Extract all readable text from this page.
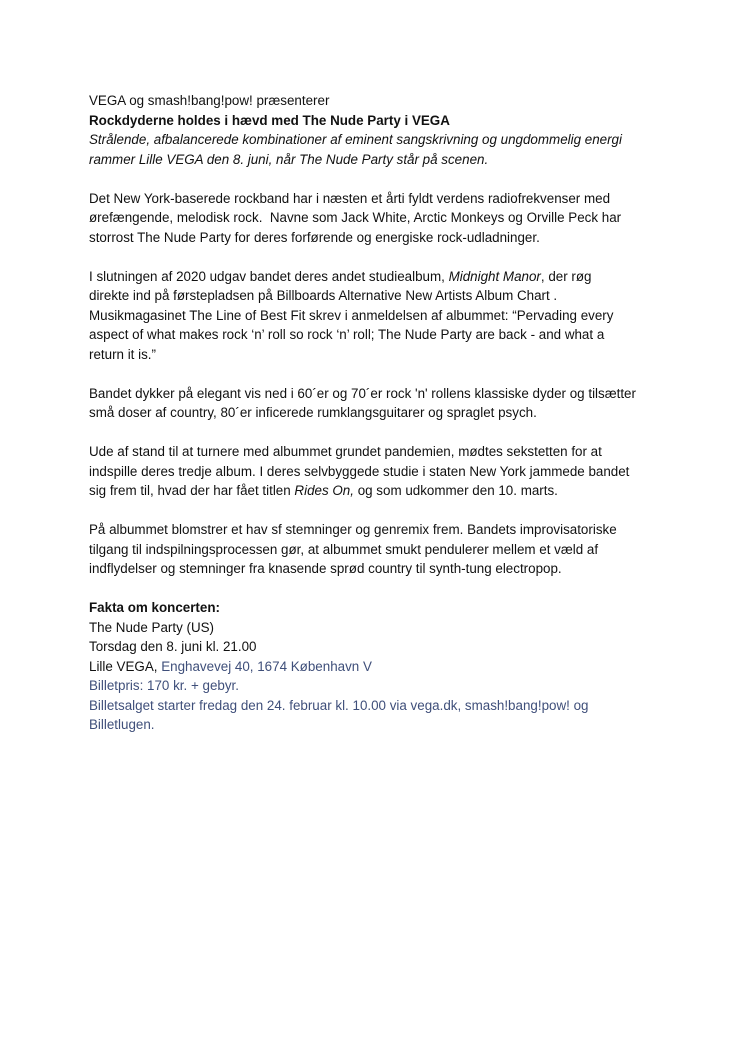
VEGA og smash!bang!pow! præsenterer

Rockdyderne holdes i hævd med The Nude Party i VEGA

Strålende, afbalancerede kombinationer af eminent sangskrivning og ungdommelig energi

rammer Lille VEGA den 8. juni, når The Nude Party står på scenen.

Det New York-baserede rockband har i næsten et årti fyldt verdens radiofrekvenser med

ørefængende, melodisk rock.  Navne som Jack White, Arctic Monkeys og Orville Peck har

storrost The Nude Party for deres forførende og energiske rock-udladninger.

I slutningen af 2020 udgav bandet deres andet studiealbum, Midnight Manor, der røg

direkte ind på førstepladsen på Billboards Alternative New Artists Album Chart .

Musikmagasinet The Line of Best Fit skrev i anmeldelsen af albummet: “Pervading every

aspect of what makes rock ‘n’ roll so rock ‘n’ roll; The Nude Party are back - and what a

return it is.”

Bandet dykker på elegant vis ned i 60´er og 70´er rock 'n' rollens klassiske dyder og tilsætter

små doser af country, 80´er inficerede rumklangsguitarer og spraglet psych.

Ude af stand til at turnere med albummet grundet pandemien, mødtes sekstetten for at

indspille deres tredje album. I deres selvbyggede studie i staten New York jammede bandet

sig frem til, hvad der har fået titlen Rides On, og som udkommer den 10. marts.

På albummet blomstrer et hav sf stemninger og genremix frem. Bandets improvisatoriske

tilgang til indspilningsprocessen gør, at albummet smukt pendulerer mellem et væld af

indflydelser og stemninger fra knasende sprød country til synth-tung electropop.

Fakta om koncerten:

The Nude Party (US)

Torsdag den 8. juni kl. 21.00

Lille VEGA, Enghavevej 40, 1674 København V

Billetpris: 170 kr. + gebyr.

Billetsalget starter fredag den 24. februar kl. 10.00 via vega.dk, smash!bang!pow! og

Billetlugen.
